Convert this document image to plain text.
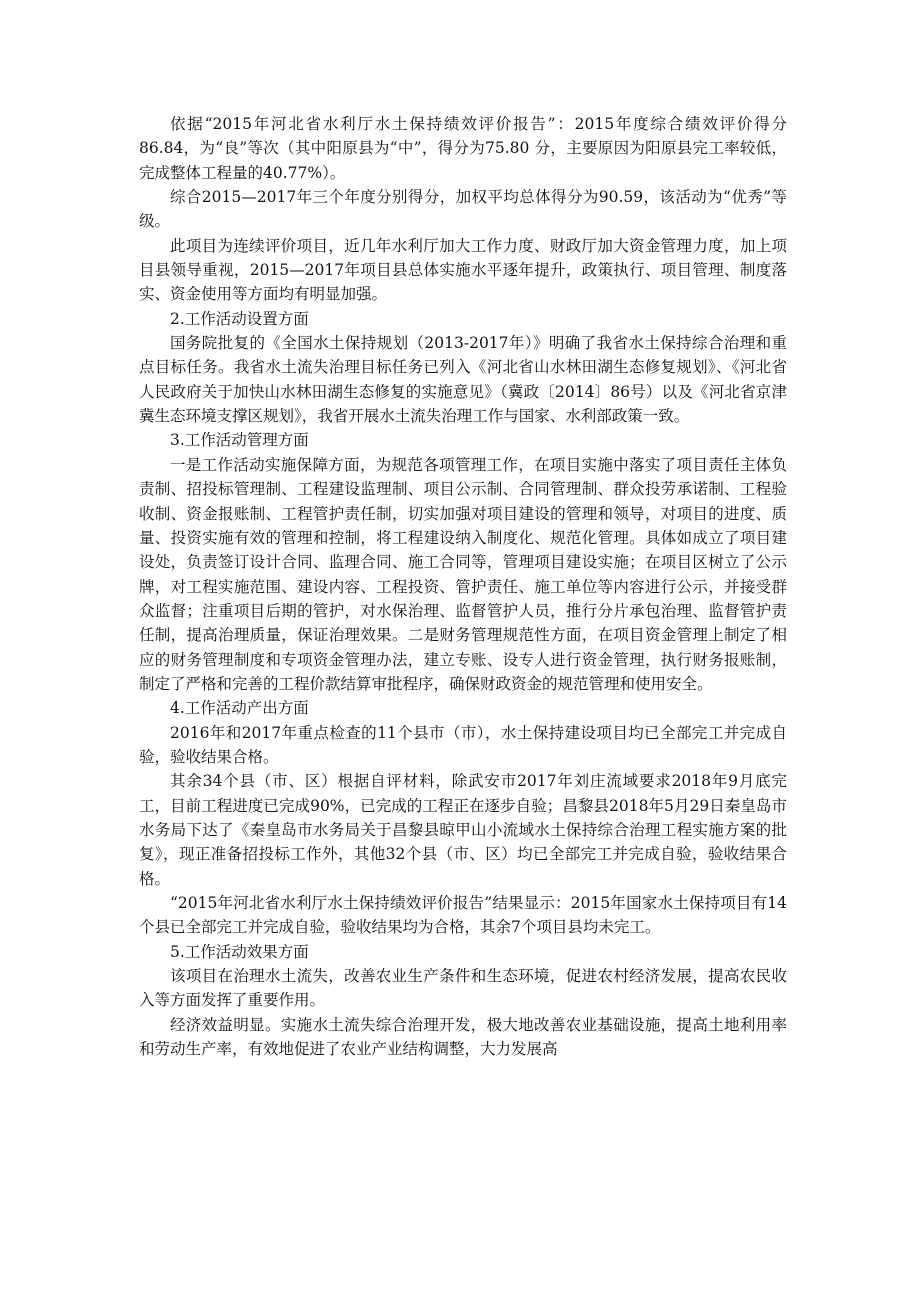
依据“2015年河北省水利厅水土保持绩效评价报告”：2015年度综合绩效评价得分86.84，为“良”等次（其中阳原县为“中”，得分为75.80 分，主要原因为阳原县完工率较低，完成整体工程量的40.77%）。

综合2015—2017年三个年度分别得分，加权平均总体得分为90.59，该活动为“优秀”等级。

此项目为连续评价项目，近几年水利厅加大工作力度、财政厅加大资金管理力度，加上项目县领导重视，2015—2017年项目县总体实施水平逐年提升，政策执行、项目管理、制度落实、资金使用等方面均有明显加强。

2.工作活动设置方面

国务院批复的《全国水土保持规划（2013-2017年）》明确了我省水土保持综合治理和重点目标任务。我省水土流失治理目标任务已列入《河北省山水林田湖生态修复规划》、《河北省人民政府关于加快山水林田湖生态修复的实施意见》（冀政〔2014〕86号）以及《河北省京津冀生态环境支撑区规划》，我省开展水土流失治理工作与国家、水利部政策一致。

3.工作活动管理方面

一是工作活动实施保障方面，为规范各项管理工作，在项目实施中落实了项目责任主体负责制、招投标管理制、工程建设监理制、项目公示制、合同管理制、群众投劳承诺制、工程验收制、资金报账制、工程管护责任制，切实加强对项目建设的管理和领导，对项目的进度、质量、投资实施有效的管理和控制，将工程建设纳入制度化、规范化管理。具体如成立了项目建设处，负责签订设计合同、监理合同、施工合同等，管理项目建设实施；在项目区树立了公示牌，对工程实施范围、建设内容、工程投资、管护责任、施工单位等内容进行公示，并接受群众监督；注重项目后期的管护，对水保治理、监督管护人员，推行分片承包治理、监督管护责任制，提高治理质量，保证治理效果。二是财务管理规范性方面，在项目资金管理上制定了相应的财务管理制度和专项资金管理办法，建立专账、设专人进行资金管理，执行财务报账制，制定了严格和完善的工程价款结算审批程序，确保财政资金的规范管理和使用安全。

4.工作活动产出方面

2016年和2017年重点检查的11个县市（市），水土保持建设项目均已全部完工并完成自验，验收结果合格。

其余34个县（市、区）根据自评材料，除武安市2017年刘庄流域要求2018年9月底完工，目前工程进度已完成90%，已完成的工程正在逐步自验；昌黎县2018年5月29日秦皇岛市水务局下达了《秦皇岛市水务局关于昌黎县晾甲山小流域水土保持综合治理工程实施方案的批复》，现正准备招投标工作外，其他32个县（市、区）均已全部完工并完成自验，验收结果合格。

“2015年河北省水利厅水土保持绩效评价报告”结果显示：2015年国家水土保持项目有14个县已全部完工并完成自验，验收结果均为合格，其余7个项目县均未完工。

5.工作活动效果方面

该项目在治理水土流失，改善农业生产条件和生态环境，促进农村经济发展，提高农民收入等方面发挥了重要作用。

经济效益明显。实施水土流失综合治理开发，极大地改善农业基础设施，提高土地利用率和劳动生产率，有效地促进了农业产业结构调整，大力发展高
